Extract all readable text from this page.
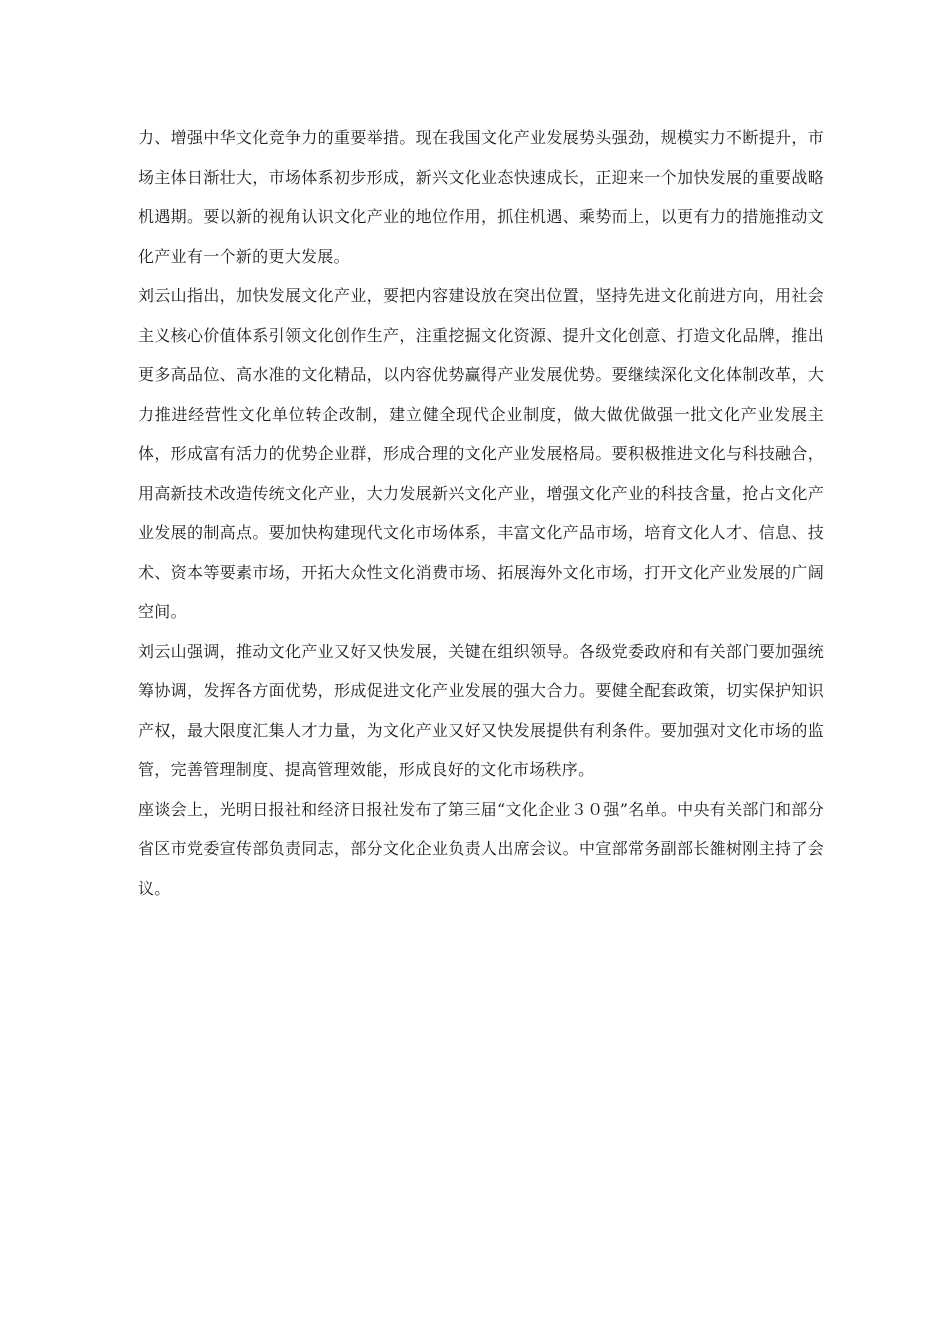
力、增强中华文化竞争力的重要举措。现在我国文化产业发展势头强劲，规模实力不断提升，市场主体日渐壮大，市场体系初步形成，新兴文化业态快速成长，正迎来一个加快发展的重要战略机遇期。要以新的视角认识文化产业的地位作用，抓住机遇、乘势而上，以更有力的措施推动文化产业有一个新的更大发展。

刘云山指出，加快发展文化产业，要把内容建设放在突出位置，坚持先进文化前进方向，用社会主义核心价值体系引领文化创作生产，注重挖掘文化资源、提升文化创意、打造文化品牌，推出更多高品位、高水准的文化精品，以内容优势赢得产业发展优势。要继续深化文化体制改革，大力推进经营性文化单位转企改制，建立健全现代企业制度，做大做优做强一批文化产业发展主体，形成富有活力的优势企业群，形成合理的文化产业发展格局。要积极推进文化与科技融合，用高新技术改造传统文化产业，大力发展新兴文化产业，增强文化产业的科技含量，抢占文化产业发展的制高点。要加快构建现代文化市场体系，丰富文化产品市场，培育文化人才、信息、技术、资本等要素市场，开拓大众性文化消费市场、拓展海外文化市场，打开文化产业发展的广阔空间。

刘云山强调，推动文化产业又好又快发展，关键在组织领导。各级党委政府和有关部门要加强统筹协调，发挥各方面优势，形成促进文化产业发展的强大合力。要健全配套政策，切实保护知识产权，最大限度汇集人才力量，为文化产业又好又快发展提供有利条件。要加强对文化市场的监管，完善管理制度、提高管理效能，形成良好的文化市场秩序。

座谈会上，光明日报社和经济日报社发布了第三届“文化企业３０强”名单。中央有关部门和部分省区市党委宣传部负责同志，部分文化企业负责人出席会议。中宣部常务副部长雒树刚主持了会议。
